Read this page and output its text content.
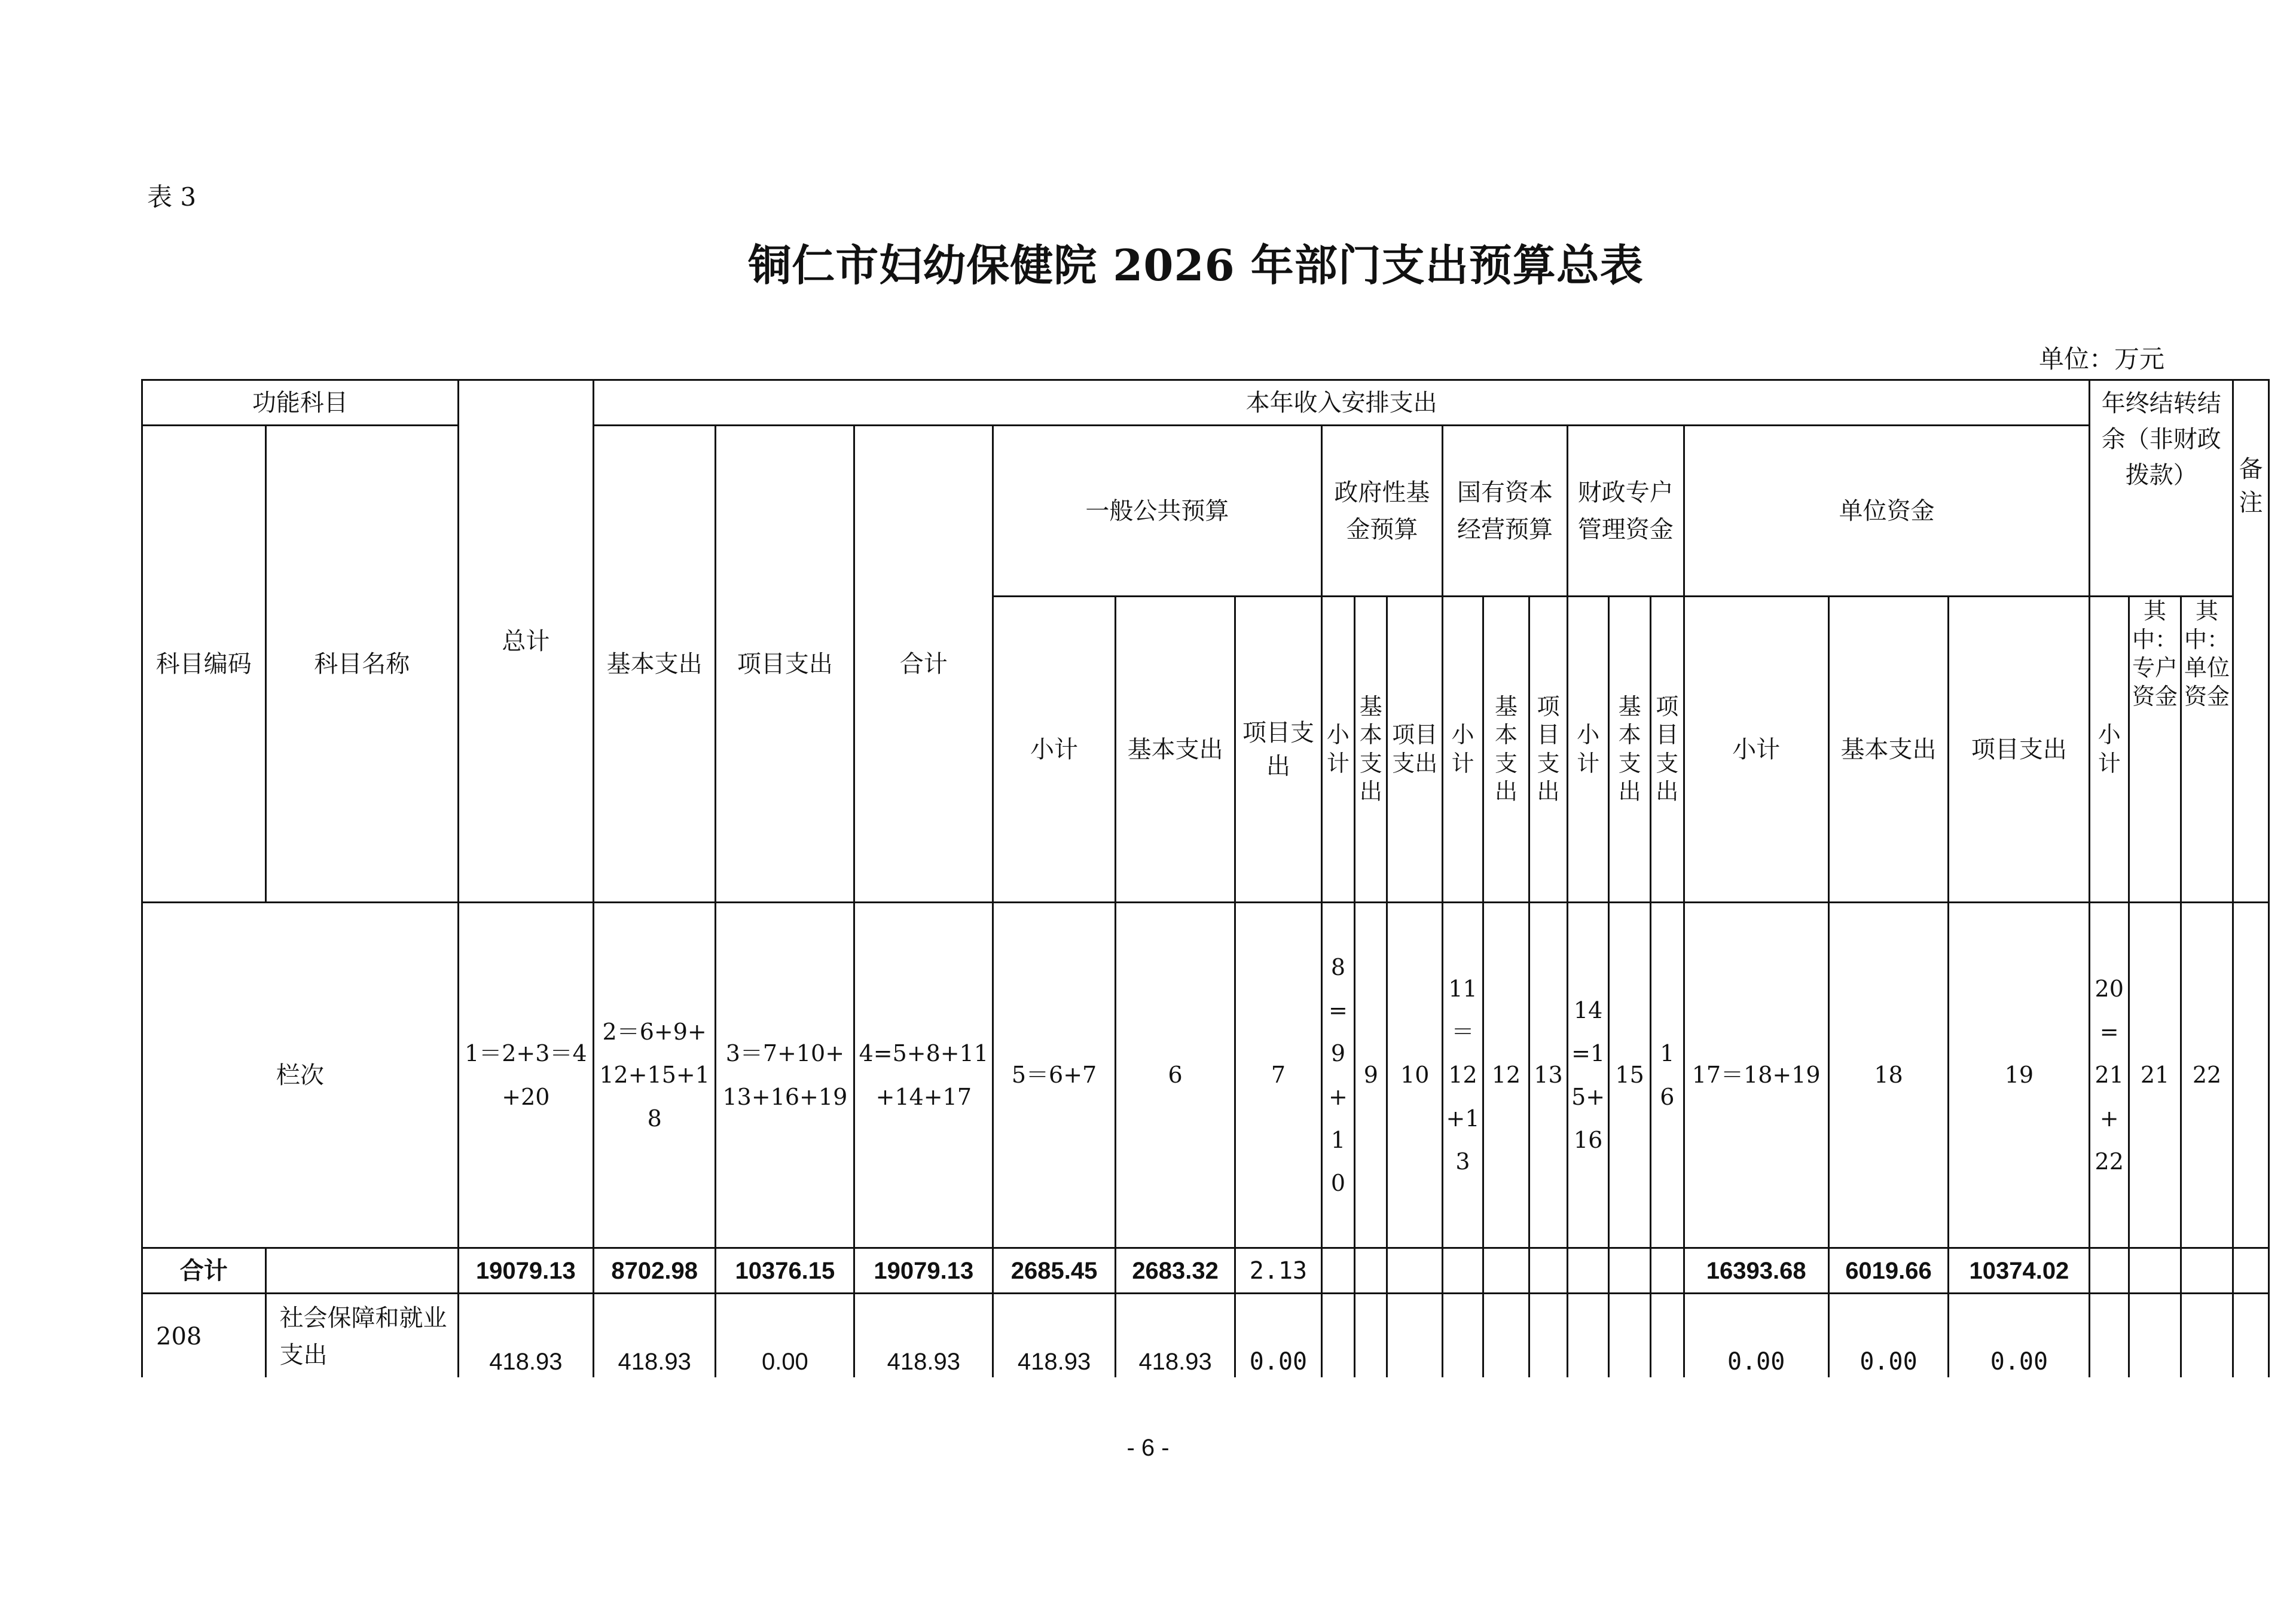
表 3
铜仁市妇幼保健院 2026 年部门支出预算总表
单位：万元
功能科目		总计	本年收入安排支出																		年终结转结余（非财政拨款）			备注
科目编码	科目名称		基本支出	项目支出	合计	一般公共预算			政府性基金预算			国有资本经营预算			财政专户管理资金			单位资金						
						小计	基本支出	项目支出	小计	基本支出	项目支出	小计	基本支出	项目支出	小计	基本支出	项目支出	小计	基本支出	项目支出	小计	其中：专户资金	其中：单位资金	
栏次		1＝2+3＝4+20	2＝6+9+12+15+18	3＝7+10+13+16+19	4=5+8+11+14+17	5＝6+7	6	7	8=9+10	9	10	11＝12+13	12	13	14=15+16	15	16	17＝18+19	18	19	20=21+22	21	22	
合计		19079.13	8702.98	10376.15	19079.13	2685.45	2683.32	2.13										16393.68	6019.66	10374.02				
208	社会保障和就业支出	418.93	418.93	0.00	418.93	418.93	418.93	0.00										0.00	0.00	0.00				
- 6 -
